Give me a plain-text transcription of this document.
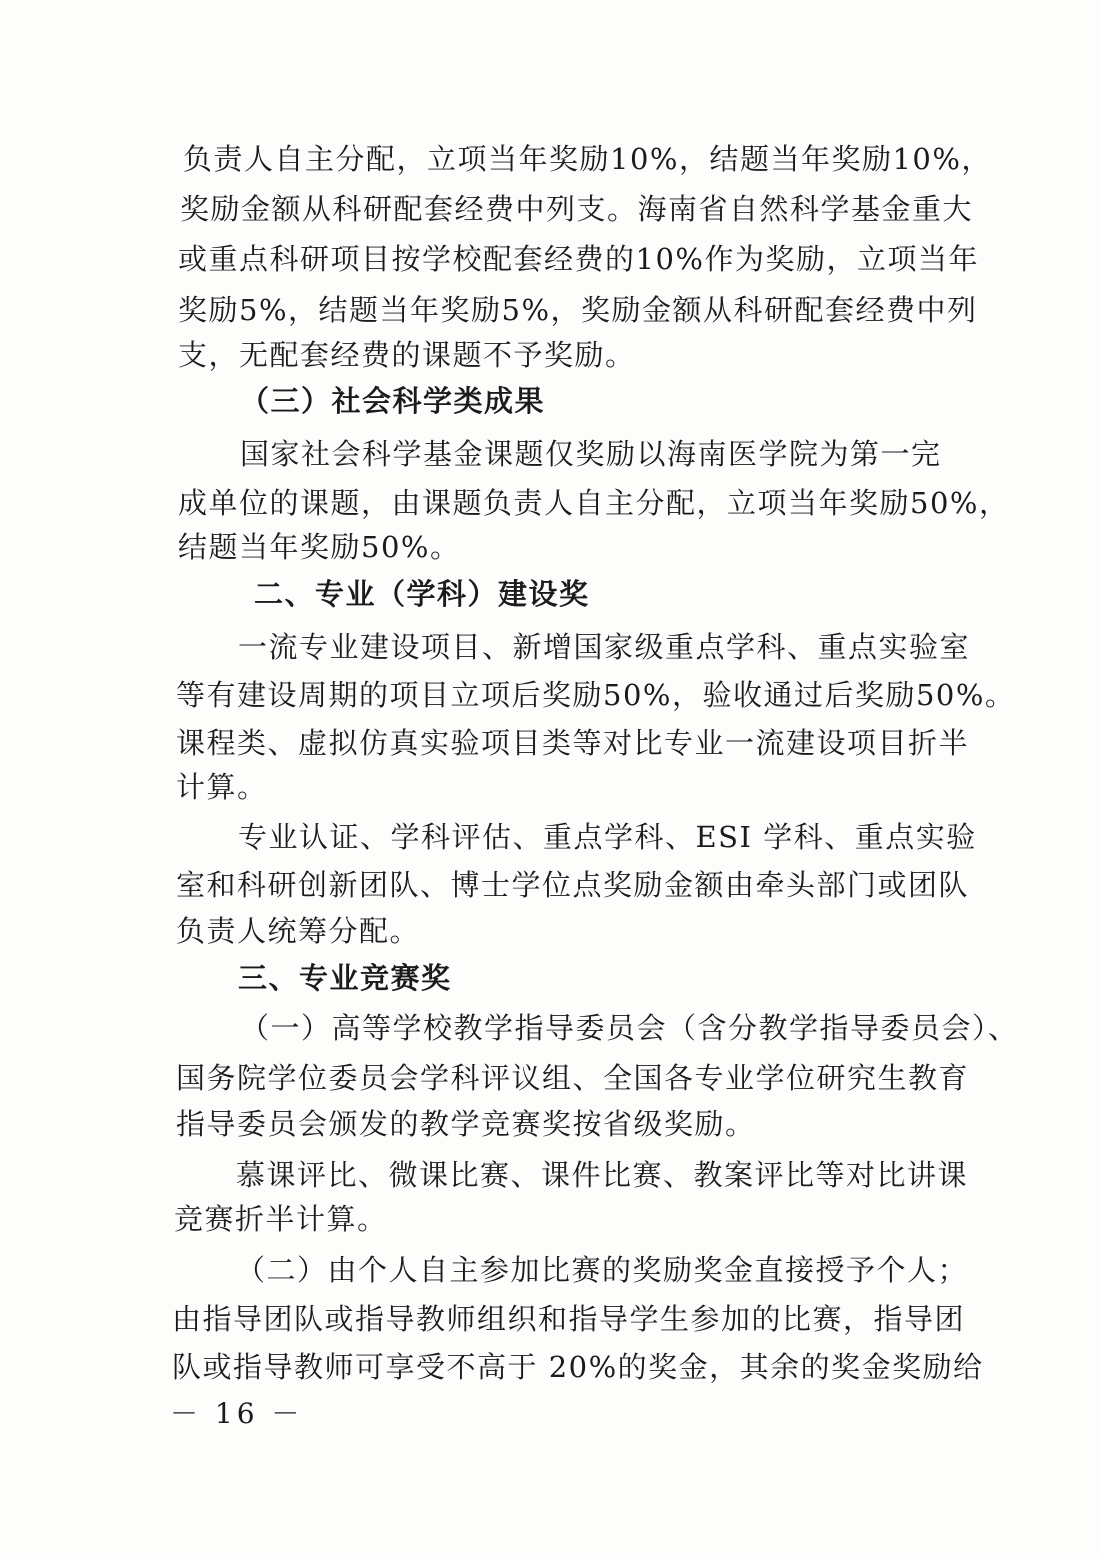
负责人自主分配，立项当年奖励10%，结题当年奖励10%，
奖励金额从科研配套经费中列支。海南省自然科学基金重大
或重点科研项目按学校配套经费的10%作为奖励，立项当年
奖励5%，结题当年奖励5%，奖励金额从科研配套经费中列
支，无配套经费的课题不予奖励。
（三）社会科学类成果
国家社会科学基金课题仅奖励以海南医学院为第一完
成单位的课题，由课题负责人自主分配，立项当年奖励50%，
结题当年奖励50%。
二、专业（学科）建设奖
一流专业建设项目、新增国家级重点学科、重点实验室
等有建设周期的项目立项后奖励50%，验收通过后奖励50%。
课程类、虚拟仿真实验项目类等对比专业一流建设项目折半
计算。
专业认证、学科评估、重点学科、ESI 学科、重点实验
室和科研创新团队、博士学位点奖励金额由牵头部门或团队
负责人统筹分配。
三、专业竞赛奖
（一）高等学校教学指导委员会（含分教学指导委员会）、
国务院学位委员会学科评议组、全国各专业学位研究生教育
指导委员会颁发的教学竞赛奖按省级奖励。
慕课评比、微课比赛、课件比赛、教案评比等对比讲课
竞赛折半计算。
（二）由个人自主参加比赛的奖励奖金直接授予个人；
由指导团队或指导教师组织和指导学生参加的比赛，指导团
队或指导教师可享受不高于 20%的奖金，其余的奖金奖励给
－ 16 －
